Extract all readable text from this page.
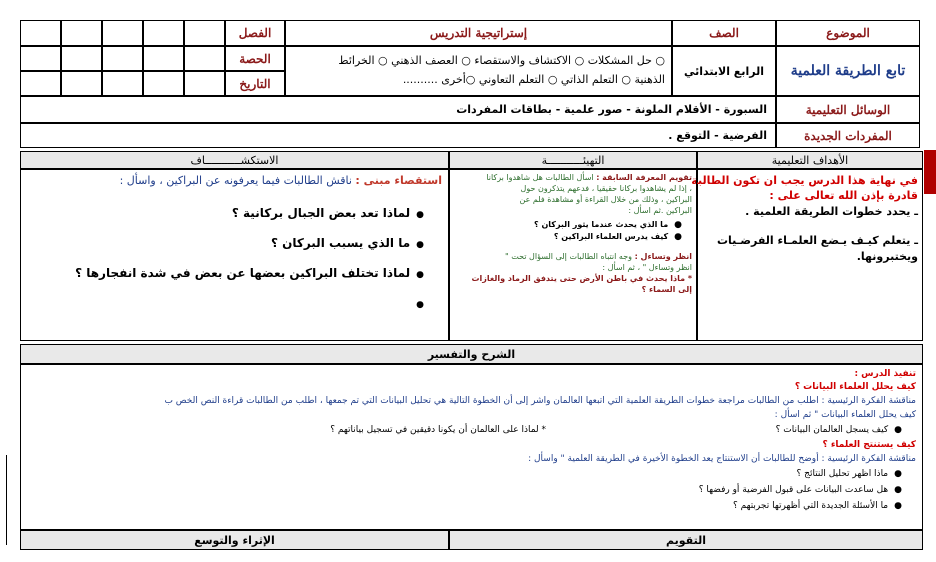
الموضوع
الصف
إستراتيجية التدريس
الفصل
تابع الطريقة العلمية
الرابع الابتدائي
○ حل المشكلات ○ الاكتشاف والاستقصاء ○ العصف الذهني ○ الخرائط
الذهنية ○ التعلم الذاتي ○ التعلم التعاوني ○أخرى ..........
الحصة
التاريخ
الوسائل التعليمية
السبورة - الأقلام الملونة - صور علمية - بطاقات المفردات
المفردات الجديدة
الفرضية - التوقع .
الأهداف التعليمية
التهيئـــــــــــة
الاستكشـــــــــــاف
في نهاية هذا الدرس يجب ان تكون الطالبة
قادرة بإذن الله تعالى على :
ـ يحدد خطوات الطريقة العلمية .
ـ يتعلم كيـف يـضع العلمـاء الفرضـيات
ويختبرونها.
تقويم المعرفة السابقة : اسأل الطالبات هل شاهدوا بركانا
، إذا لم يشاهدوا بركانا حقيقيا ، فدعهم يتذكرون حول
البراكين ، وذلك من خلال القراءة أو مشاهدة فلم عن
البراكين .ثم اسأل :
● ما الذي يحدث عندما يثور البركان ؟
● كيف يدرس العلماء البراكين ؟
انظر وتساءل : وجه انتباه الطالبات إلى السؤال تحت "
انظر وتساءل " ، ثم اسأل :
* ماذا يحدث في باطن الأرض حتى يتدفق الرماد والغازات
إلى السماء ؟
استقصاء مبنى : ناقش الطالبات فيما يعرفونه عن البراكين ، واسأل :
● لماذا تعد بعض الجبال بركانية ؟
● ما الذي يسبب البركان ؟
● لماذا تختلف البراكين بعضها عن بعض في شدة انفجارها ؟
●
الشرح والتفسير
تنفيذ الدرس :
كيف يحلل العلماء البيانات ؟
مناقشة الفكرة الرئيسية : اطلب من الطالبات مراجعة خطوات الطريقة العلمية التي اتبعها العالمان واشر إلى أن الخطوة التالية هي تحليل البيانات التي تم جمعها ، اطلب من الطالبات قراءة النص الخص ب
كيف يحلل العلماء البيانات " ثم اسأل :
● كيف يسجل العالمان البيانات ؟
* لماذا على العالمان أن يكونا دقيقين في تسجيل بياناتهم ؟
كيف يستنتج العلماء ؟
مناقشة الفكرة الرئيسية : أوضح للطالبات أن الاستنتاج يعد الخطوة الأخيرة في الطريقة العلمية " واسأل :
● ماذا اظهر تحليل النتائج ؟
● هل ساعدت البيانات على قبول الفرضية أو رفضها ؟
● ما الأسئلة الجديدة التي أظهرتها تجربتهم ؟
التقويم
الإثراء والتوسع
